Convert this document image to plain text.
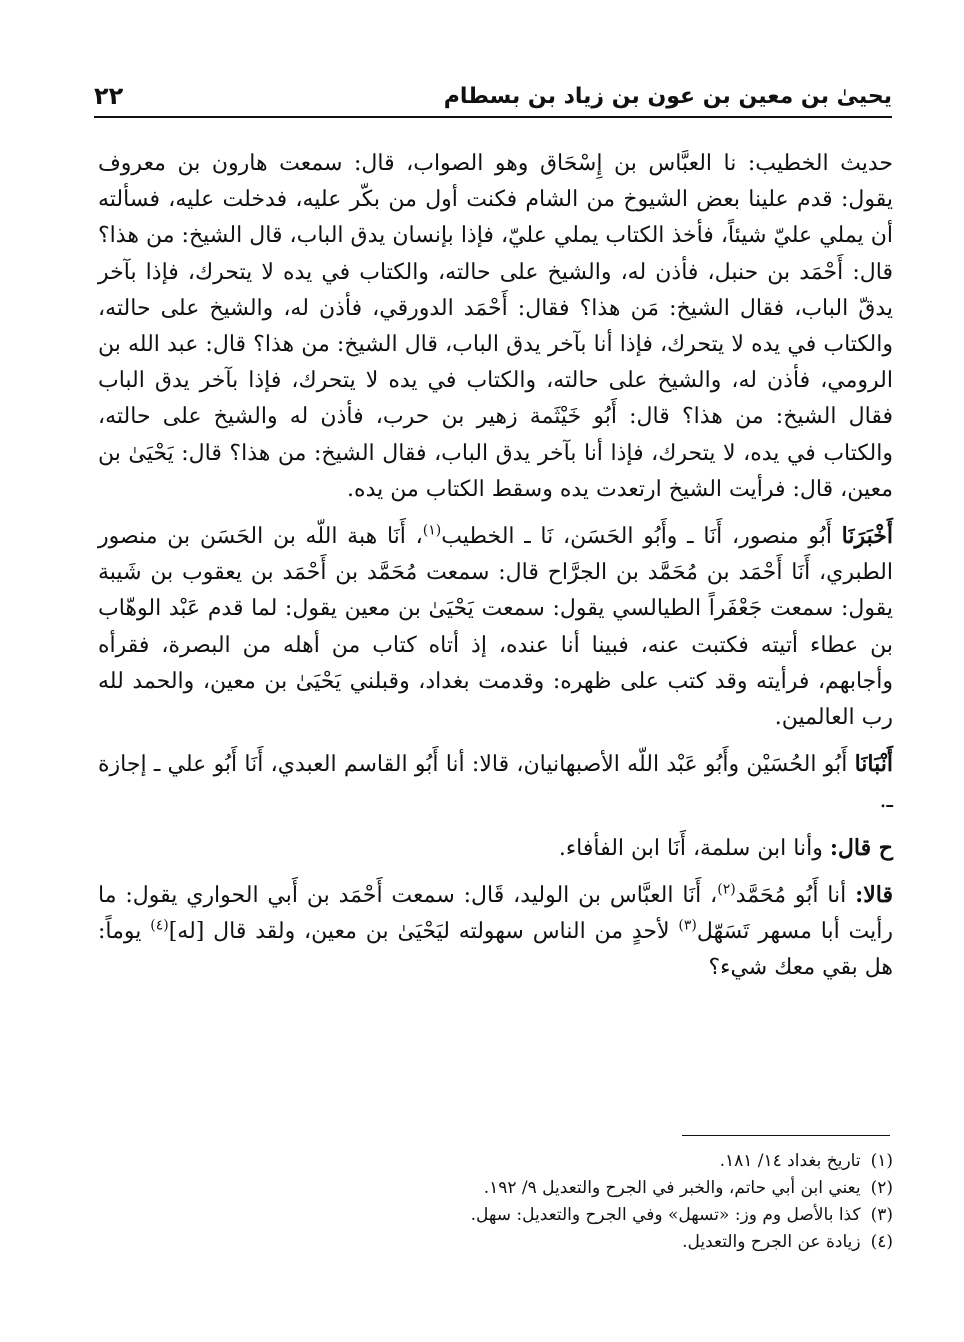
يحيىٰ بن معين بن عون بن زياد بن بسطام
٢٢

حديث الخطيب: نا العبَّاس بن إِسْحَاق وهو الصواب، قال: سمعت هارون بن معروف يقول: قدم علينا بعض الشيوخ من الشام فكنت أول من بكّر عليه، فدخلت عليه، فسألته أن يملي عليّ شيئاً، فأخذ الكتاب يملي عليّ، فإذا بإنسان يدق الباب، قال الشيخ: من هذا؟ قال: أَحْمَد بن حنبل، فأذن له، والشيخ على حالته، والكتاب في يده لا يتحرك، فإذا بآخر يدقّ الباب، فقال الشيخ: مَن هذا؟ فقال: أَحْمَد الدورقي، فأذن له، والشيخ على حالته، والكتاب في يده لا يتحرك، فإذا أنا بآخر يدق الباب، قال الشيخ: من هذا؟ قال: عبد الله بن الرومي، فأذن له، والشيخ على حالته، والكتاب في يده لا يتحرك، فإذا بآخر يدق الباب فقال الشيخ: من هذا؟ قال: أَبُو خَيْثَمة زهير بن حرب، فأذن له والشيخ على حالته، والكتاب في يده، لا يتحرك، فإذا أنا بآخر يدق الباب، فقال الشيخ: من هذا؟ قال: يَحْيَىٰ بن معين، قال: فرأيت الشيخ ارتعدت يده وسقط الكتاب من يده.

أَخْبَرَنَا أَبُو منصور، أَنَا ـ وأَبُو الحَسَن، نَا ـ الخطيب$^{(١)}$، أَنَا هبة اللّه بن الحَسَن بن منصور الطبري، أَنَا أَحْمَد بن مُحَمَّد بن الجرَّاح قال: سمعت مُحَمَّد بن أَحْمَد بن يعقوب بن شَيبة يقول: سمعت جَعْفَراً الطيالسي يقول: سمعت يَحْيَىٰ بن معين يقول: لما قدم عَبْد الوهّاب بن عطاء أتيته فكتبت عنه، فبينا أنا عنده، إذ أتاه كتاب من أهله من البصرة، فقرأه وأجابهم، فرأيته وقد كتب على ظهره: وقدمت بغداد، وقبلني يَحْيَىٰ بن معين، والحمد لله رب العالمين.

أَنْبَانَا أَبُو الحُسَيْن وأَبُو عَبْد اللّه الأصبهانيان، قالا: أنا أَبُو القاسم العبدي، أَنَا أَبُو علي ـ إجازة ـ.

ح قال: وأنا ابن سلمة، أَنَا ابن الفأفاء.

قالا: أنا أَبُو مُحَمَّد$^{(٢)}$، أَنَا العبَّاس بن الوليد، قَال: سمعت أَحْمَد بن أَبي الحواري يقول: ما رأيت أبا مسهر تَسَهّل$^{(٣)}$ لأحدٍ من الناس سهولته ليَحْيَىٰ بن معين، ولقد قال [له]$^{(٤)}$ يوماً: هل بقي معك شيء؟

(١)تاريخ بغداد ١٤/ ١٨١.

(٢)يعني ابن أبي حاتم، والخبر في الجرح والتعديل ٩/ ١٩٢.

(٣)كذا بالأصل وم وز: «تسهل» وفي الجرح والتعديل: سهل.

(٤)زيادة عن الجرح والتعديل.
